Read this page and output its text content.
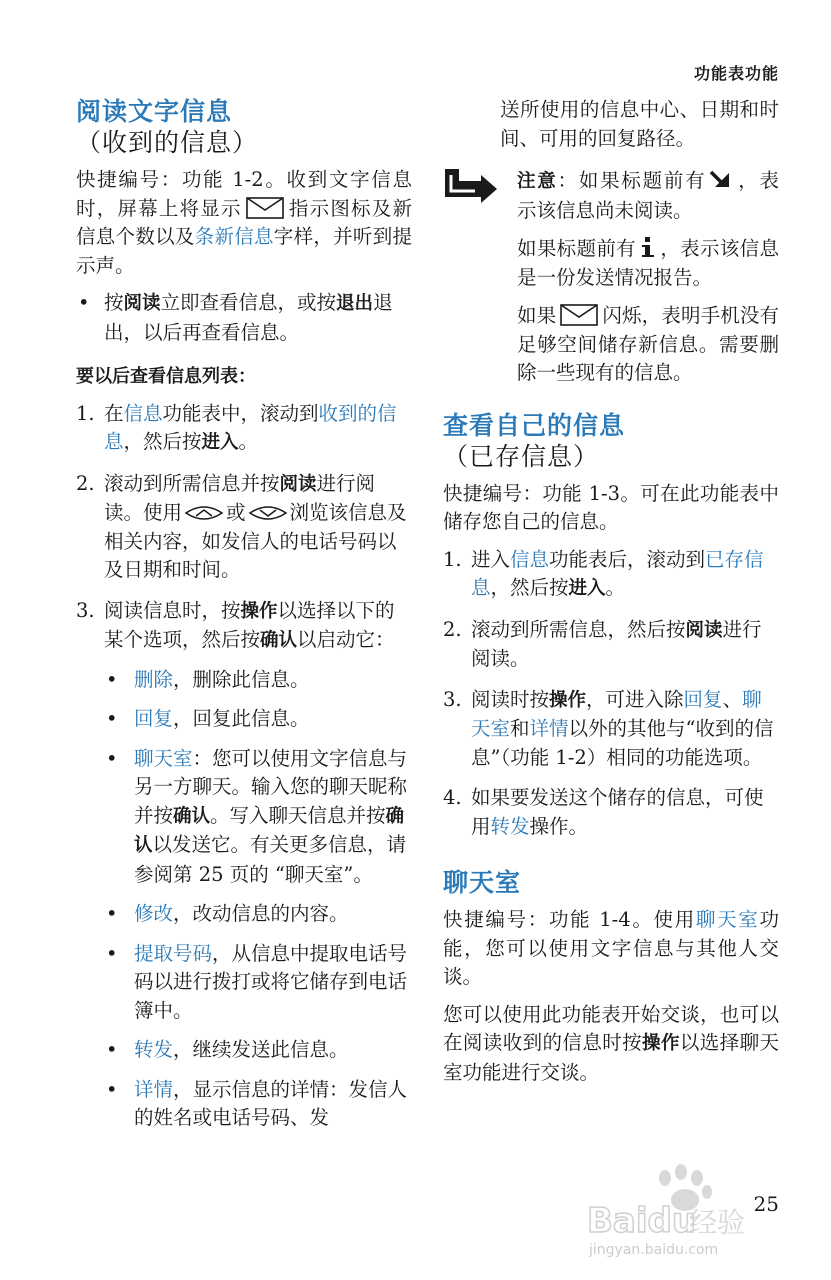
功能表功能
阅读文字信息（收到的信息）

快捷编号：功能 1-2。收到文字信息时，屏幕上将显示 指示图标及新信息个数以及条新信息字样，并听到提示声。

• 按阅读立即查看信息，或按退出退出，以后再查看信息。
要以后查看信息列表：
1. 在信息功能表中，滚动到收到的信息，然后按进入。
2. 滚动到所需信息并按阅读进行阅读。使用 或 浏览该信息及相关内容，如发信人的电话号码以及日期和时间。
3. 阅读信息时，按操作以选择以下的某个选项，然后按确认以启动它：
• 删除，删除此信息。
• 回复，回复此信息。
• 聊天室：您可以使用文字信息与另一方聊天。输入您的聊天昵称并按确认。写入聊天信息并按确认以发送它。有关更多信息，请参阅第 25 页的 “聊天室”。
• 修改，改动信息的内容。
• 提取号码，从信息中提取电话号码以进行拨打或将它储存到电话簿中。
• 转发，继续发送此信息。
• 详情，显示信息的详情：发信人的姓名或电话号码、发

送所使用的信息中心、日期和时间、可用的回复路径。

注意：如果标题前有 ，表示该信息尚未阅读。

如果标题前有 ，表示该信息是一份发送情况报告。

如果 闪烁，表明手机没有足够空间储存新信息。需要删除一些现有的信息。

查看自己的信息（已存信息）

快捷编号：功能 1-3。可在此功能表中储存您自己的信息。

1. 进入信息功能表后，滚动到已存信息，然后按进入。
2. 滚动到所需信息，然后按阅读进行阅读。
3. 阅读时按操作，可进入除回复、聊天室和详情以外的其他与“收到的信息”（功能 1-2）相同的功能选项。
4. 如果要发送这个储存的信息，可使用转发操作。
聊天室

快捷编号：功能 1-4。使用聊天室功能，您可以使用文字信息与其他人交谈。

您可以使用此功能表开始交谈，也可以在阅读收到的信息时按操作以选择聊天室功能进行交谈。

Baidu
经验
jingyan.baidu.com
25
